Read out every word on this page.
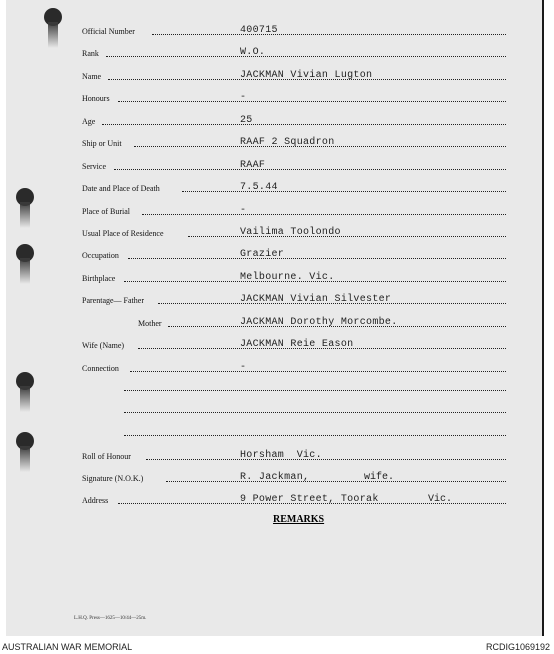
Official Number	400715
Rank	W.O.
Name	JACKMAN Vivian Lugton
Honours	-
Age	25
Ship or Unit	RAAF 2 Squadron
Service	RAAF
Date and Place of Death	7.5.44
Place of Burial	-
Usual Place of Residence	Vailima Toolondo
Occupation	Grazier
Birthplace	Melbourne. Vic.
Parentage— Father	JACKMAN Vivian Silvester
Mother	JACKMAN Dorothy Morcombe.
Wife (Name)	JACKMAN Reie Eason
Connection	-
Roll of Honour	Horsham  Vic.
Signature (N.O.K.)	R. Jackman,	wife.
Address	9 Power Street, Toorak	Vic.
REMARKS
L.H.Q. Press—1625—10/44—25m.
AUSTRALIAN WAR MEMORIAL	RCDIG1069192
